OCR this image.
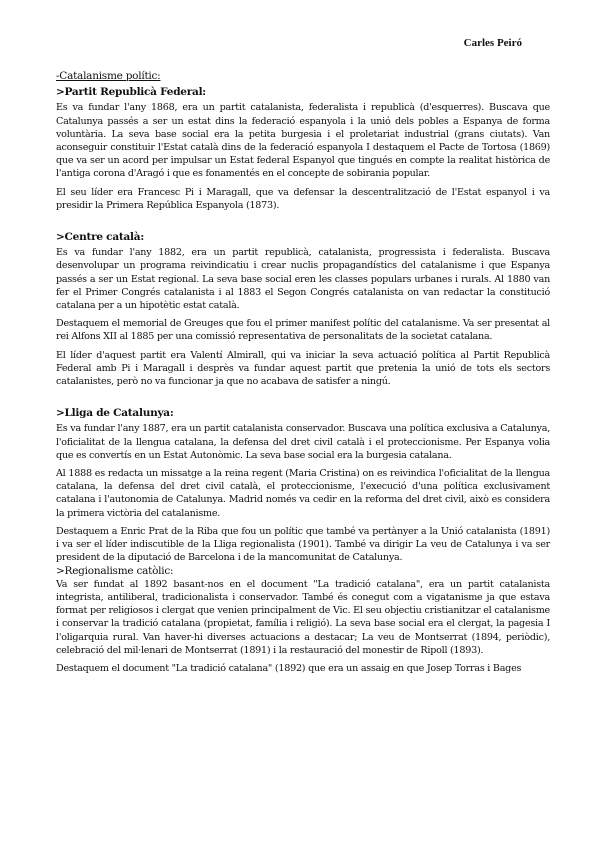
Carles Peiró
-Catalanisme polític:
>Partit Republicà Federal:

Es va fundar l'any 1868, era un partit catalanista, federalista i republicà (d'esquerres). Buscava que Catalunya passés a ser un estat dins la federació espanyola i la unió dels pobles a Espanya de forma voluntària. La seva base social era la petita burgesia i el proletariat industrial (grans ciutats). Van aconseguir constituir l'Estat català dins de la federació espanyola I destaquem el Pacte de Tortosa (1869) que va ser un acord per impulsar un Estat federal Espanyol que tingués en compte la realitat històrica de l'antiga corona d'Aragó i que es fonamentés en el concepte de sobirania popular.

El seu líder era Francesc Pi i Maragall, que va defensar la descentralització de l'Estat espanyol i va presidir la Primera República Espanyola (1873).

>Centre català:

Es va fundar l'any 1882, era un partit republicà, catalanista, progressista i federalista. Buscava desenvolupar un programa reivindicatiu i crear nuclis propagandístics del catalanisme i que Espanya passés a ser un Estat regional. La seva base social eren les classes populars urbanes i rurals. Al 1880 van fer el Primer Congrés catalanista i al 1883 el Segon Congrés catalanista on van redactar la constitució catalana per a un hipotètic estat català.

Destaquem el memorial de Greuges que fou el primer manifest polític del catalanisme. Va ser presentat al rei Alfons XII al 1885 per una comissió representativa de personalitats de la societat catalana.

El líder d'aquest partit era Valentí Almirall, qui va iniciar la seva actuació política al Partit Republicà Federal amb Pi i Maragall i desprès va fundar aquest partit que pretenia la unió de tots els sectors catalanistes, però no va funcionar ja que no acabava de satisfer a ningú.

>Lliga de Catalunya:

Es va fundar l'any 1887, era un partit catalanista conservador. Buscava una política exclusiva a Catalunya, l'oficialitat de la llengua catalana, la defensa del dret civil català i el proteccionisme. Per Espanya volia que es convertís en un Estat Autonòmic. La seva base social era la burgesia catalana.

Al 1888 es redacta un missatge a la reina regent (Maria Cristina) on es reivindica l'oficialitat de la llengua catalana, la defensa del dret civil català, el proteccionisme, l'execució d'una política exclusivament catalana i l'autonomia de Catalunya. Madrid només va cedir en la reforma del dret civil, això es considera la primera victòria del catalanisme.

Destaquem a Enric Prat de la Riba que fou un polític que també va pertànyer a la Unió catalanista (1891) i va ser el líder indiscutible de la Lliga regionalista (1901). També va dirigir La veu de Catalunya i va ser president de la diputació de Barcelona i de la mancomunitat de Catalunya.

>Regionalisme catòlic:

Va ser fundat al 1892 basant-nos en el document "La tradició catalana", era un partit catalanista integrista, antiliberal, tradicionalista i conservador. També és conegut com a vigatanisme ja que estava format per religiosos i clergat que venien principalment de Vic. El seu objectiu cristianitzar el catalanisme i conservar la tradició catalana (propietat, família i religió). La seva base social era el clergat, la pagesia I l'oligarquia rural. Van haver-hi diverses actuacions a destacar; La veu de Montserrat (1894, periòdic), celebració del mil·lenari de Montserrat (1891) i la restauració del monestir de Ripoll (1893).

Destaquem el document "La tradició catalana" (1892) que era un assaig en que Josep Torras i Bages
